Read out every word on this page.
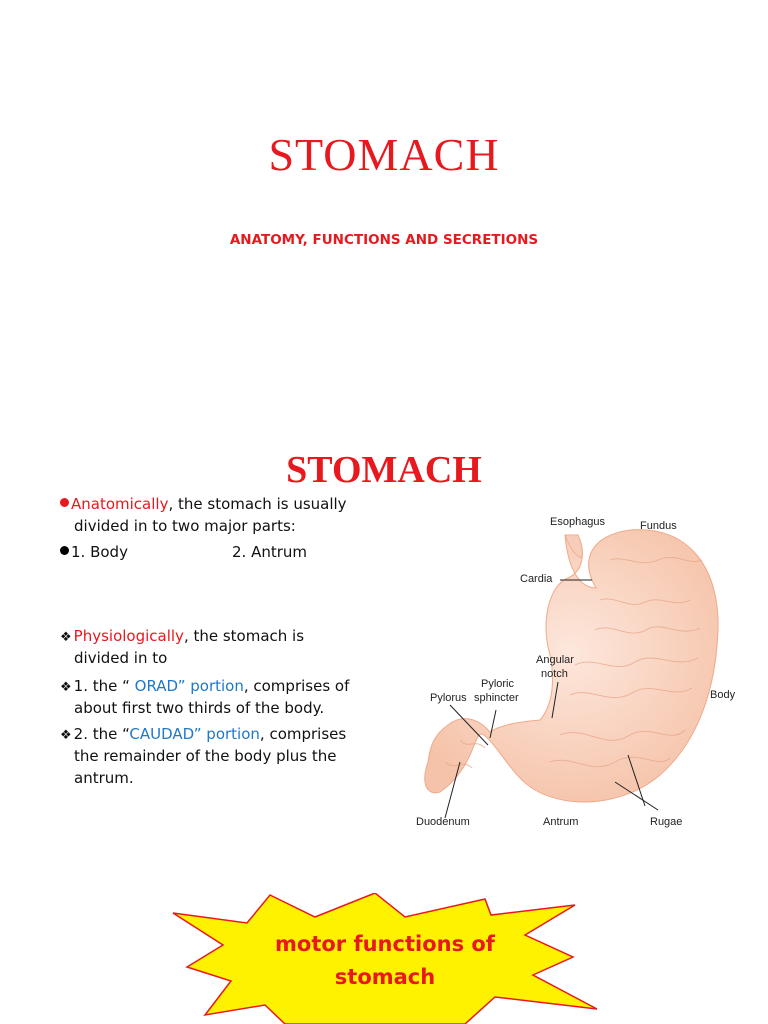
STOMACH
ANATOMY, FUNCTIONS AND SECRETIONS
STOMACH
Anatomically, the stomach is usually
divided in to two major parts:
1. Body	2. Antrum
❖ Physiologically, the stomach is
divided in to
❖ 1. the “ ORAD” portion, comprises of
about first two thirds of the body.
❖ 2. the “CAUDAD” portion, comprises
the remainder of the body plus the
antrum.
Esophagus	Fundus
Cardia
Angular
notch
Pyloric
sphincter
Pylorus	Body
Duodenum	Antrum	Rugae
motor functions of
stomach
